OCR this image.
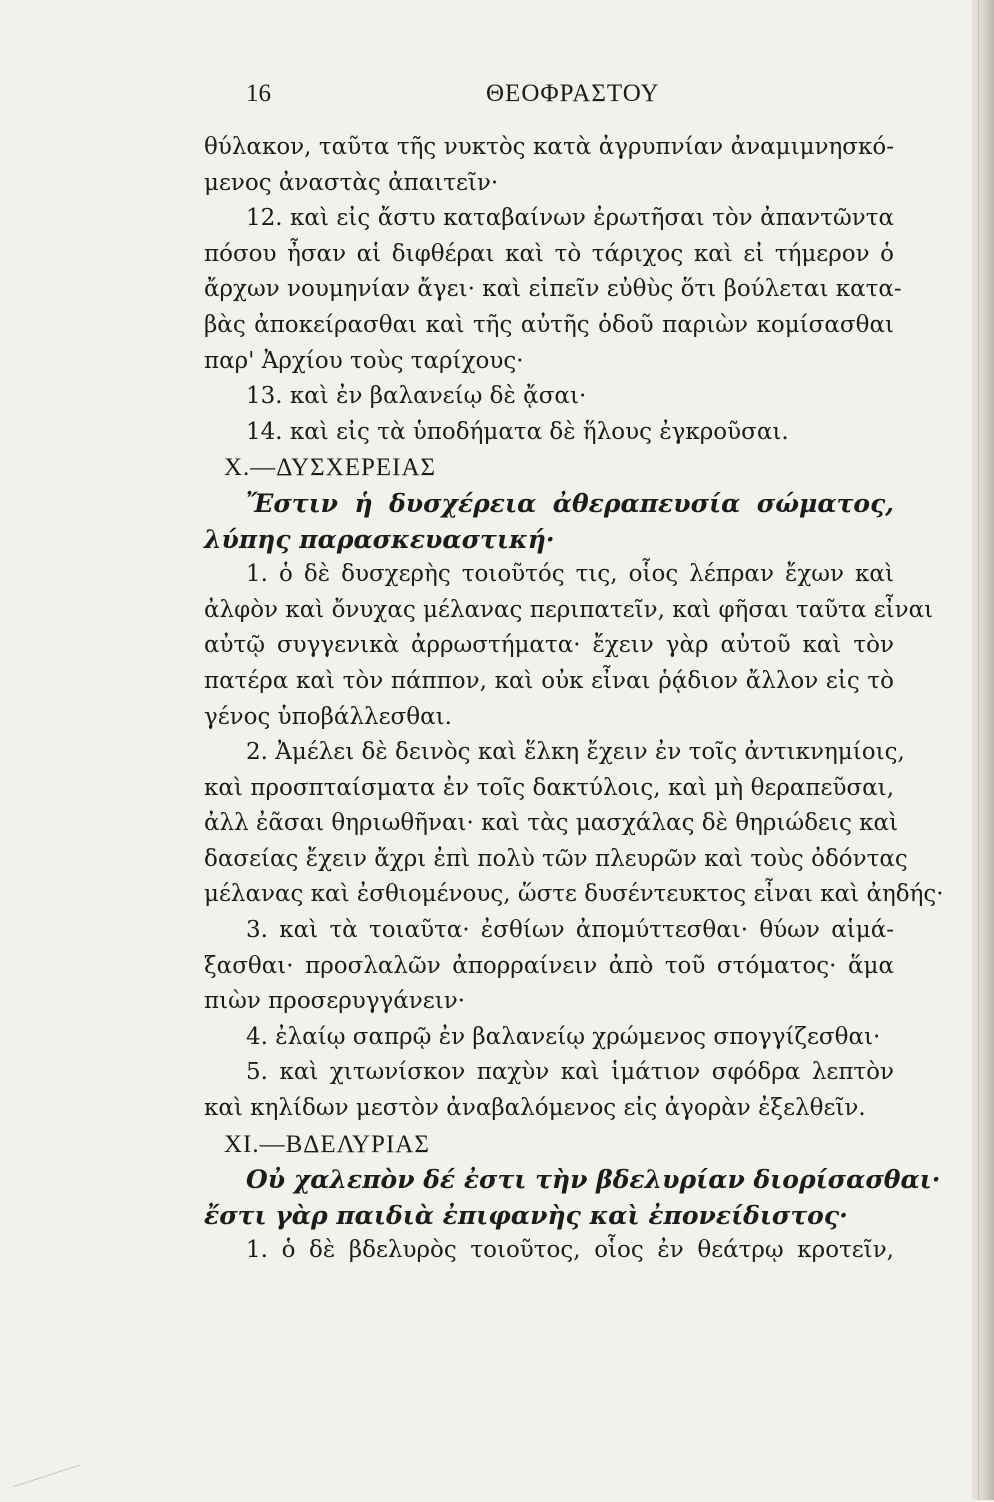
16	ΘΕΟΦΡΑΣΤΟΥ
θύλακον, ταῦτα τῆς νυκτὸς κατὰ ἀγρυπνίαν ἀναμιμνησκό-
μενος ἀναστὰς ἀπαιτεῖν·
12. καὶ εἰς ἄστυ καταβαίνων ἐρωτῆσαι τὸν ἀπαντῶντα
πόσου ἦσαν αἱ διφθέραι καὶ τὸ τάριχος καὶ εἰ τήμερον ὁ
ἄρχων νουμηνίαν ἄγει· καὶ εἰπεῖν εὐθὺς ὅτι βούλεται κατα-
βὰς ἀποκείρασθαι καὶ τῆς αὐτῆς ὁδοῦ παριὼν κομίσασθαι
παρ' Ἀρχίου τοὺς ταρίχους·
13. καὶ ἐν βαλανείῳ δὲ ᾄσαι·
14. καὶ εἰς τὰ ὑποδήματα δὲ ἥλους ἐγκροῦσαι.
X.—ΔΥΣΧΕΡΕΙΑΣ
Ἔστιν ἡ δυσχέρεια ἀθεραπευσία σώματος,
λύπης παρασκευαστική·
1. ὁ δὲ δυσχερὴς τοιοῦτός τις, οἷος λέπραν ἔχων καὶ
ἀλφὸν καὶ ὄνυχας μέλανας περιπατεῖν, καὶ φῆσαι ταῦτα εἶναι
αὐτῷ συγγενικὰ ἀρρωστήματα· ἔχειν γὰρ αὐτοῦ καὶ τὸν
πατέρα καὶ τὸν πάππον, καὶ οὐκ εἶναι ῥᾴδιον ἄλλον εἰς τὸ
γένος ὑποβάλλεσθαι.
2. Ἀμέλει δὲ δεινὸς καὶ ἕλκη ἔχειν ἐν τοῖς ἀντικνημίοις,
καὶ προσπταίσματα ἐν τοῖς δακτύλοις, καὶ μὴ θεραπεῦσαι,
ἀλλ ἐᾶσαι θηριωθῆναι· καὶ τὰς μασχάλας δὲ θηριώδεις καὶ
δασείας ἔχειν ἄχρι ἐπὶ πολὺ τῶν πλευρῶν καὶ τοὺς ὀδόντας
μέλανας καὶ ἐσθιομένους, ὥστε δυσέντευκτος εἶναι καὶ ἀηδής·
3. καὶ τὰ τοιαῦτα· ἐσθίων ἀπομύττεσθαι· θύων αἱμά-
ξασθαι· προσλαλῶν ἀπορραίνειν ἀπὸ τοῦ στόματος· ἅμα
πιὼν προσερυγγάνειν·
4. ἐλαίῳ σαπρῷ ἐν βαλανείῳ χρώμενος σπογγίζεσθαι·
5. καὶ χιτωνίσκον παχὺν καὶ ἱμάτιον σφόδρα λεπτὸν
καὶ κηλίδων μεστὸν ἀναβαλόμενος εἰς ἀγορὰν ἐξελθεῖν.
XI.—ΒΔΕΛΥΡΙΑΣ
Οὐ χαλεπὸν δέ ἐστι τὴν βδελυρίαν διορίσασθαι·
ἔστι γὰρ παιδιὰ ἐπιφανὴς καὶ ἐπονείδιστος·
1. ὁ δὲ βδελυρὸς τοιοῦτος, οἷος ἐν θεάτρῳ κροτεῖν,
